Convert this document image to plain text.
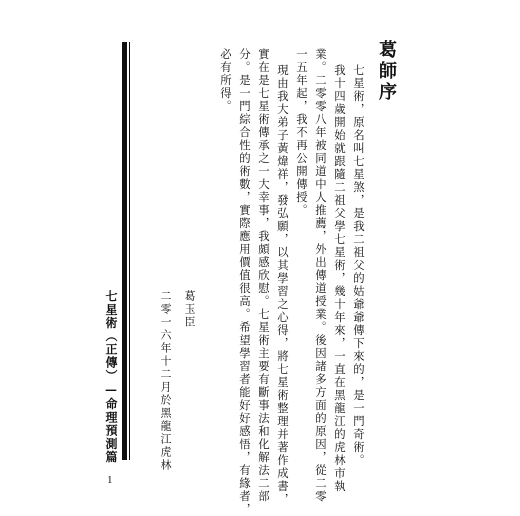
葛師序
七星術，原名叫七星煞，是我二祖父的姑爺爺傳下來的，是一門奇術。
我十四歲開始就跟隨二祖父學七星術，幾十年來，一直在黑龍江的虎林市執
業。二零零八年被同道中人推薦，外出傳道授業。後因諸多方面的原因，從二零
一五年起，我不再公開傳授。
現由我大弟子黃煒祥，發弘願，以其學習之心得，將七星術整理并著作成書，
實在是七星術傳承之一大幸事，我頗感欣慰。七星術主要有斷事法和化解法二部
分。是一門綜合性的術數，實際應用價值很高。希望學習者能好好感悟，有緣者，
必有所得。
葛玉臣
二零一六年十二月於黑龍江虎林
七星術（正傳）—命理預測篇
1
